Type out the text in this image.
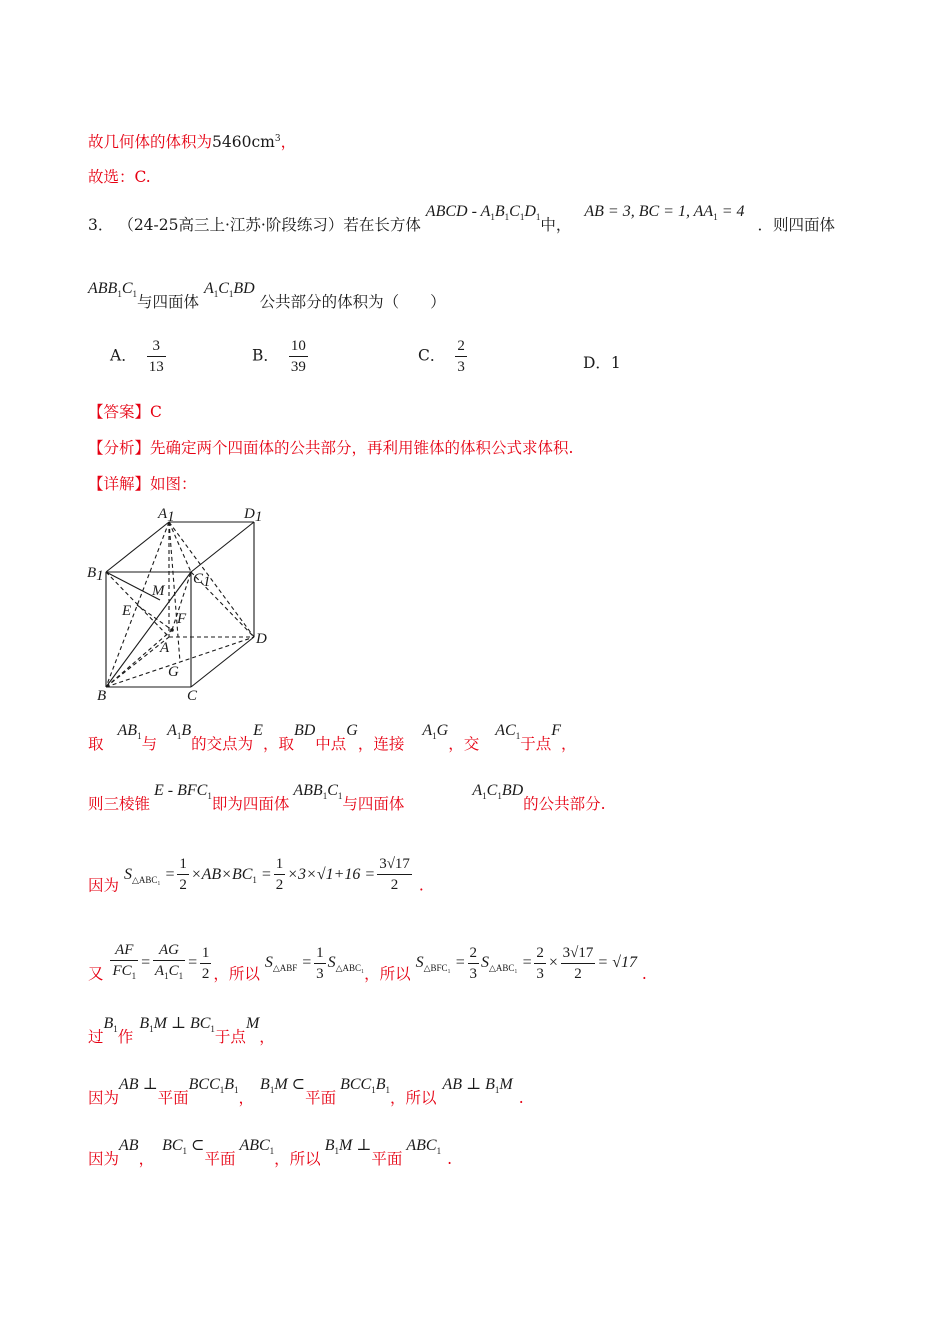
故几何体的体积为$5460cm^3$，
故选：C.
3． （24-25高三上·江苏·阶段练习）若在长方体 ABCD - $A_1B_1C_1D_1$中， AB = 3, BC = 1, $AA_1 = 4$ ．则四面体
$ABB_1C_1$与四面体 $A_1C_1BD$ 公共部分的体积为（　　）
A． $\frac{3}{13}$	B． $\frac{10}{39}$	C． $\frac{2}{3}$	D．1
【答案】C
【分析】先确定两个四面体的公共部分，再利用锥体的体积公式求体积.
【详解】如图：
A1	D1
B1	C1
M
E	F
A
D
G
B	C
取$AB_1$与$A_1B$的交点为E，取BD中点G，连接$A_1G$，交$AC_1$于点F，
则三棱锥E - $BFC_1$即为四面体$ABB_1C_1$与四面体$A_1C_1BD$的公共部分.
因为 $S_{\triangle ABC_1} = \frac{1}{2} \times AB\times BC_1 = \frac{1}{2} \times 3\times√1+16 = \frac{3√17}{2}$ .
又 $\frac{AF}{FC_1} = \frac{AG}{A_1C_1} = \frac{1}{2}$ ，所以 $S_{\triangle ABF} = \frac{1}{3} S_{\triangle ABC_1}$，所以 $S_{\triangle BFC_1} = \frac{2}{3} S_{\triangle ABC_1} = \frac{2}{3} \times \frac{3√17}{2} = √17$ .
过$B_1$作$B_1M$ ⊥ $BC_1$于点M，
因为AB ⊥平面$BCC_1B_1$，$B_1M$ ⊂平面$BCC_1B_1$，所以AB ⊥ $B_1M$.
因为AB，$BC_1$ ⊂平面$ABC_1$，所以$B_1M$ ⊥平面$ABC_1$ .
